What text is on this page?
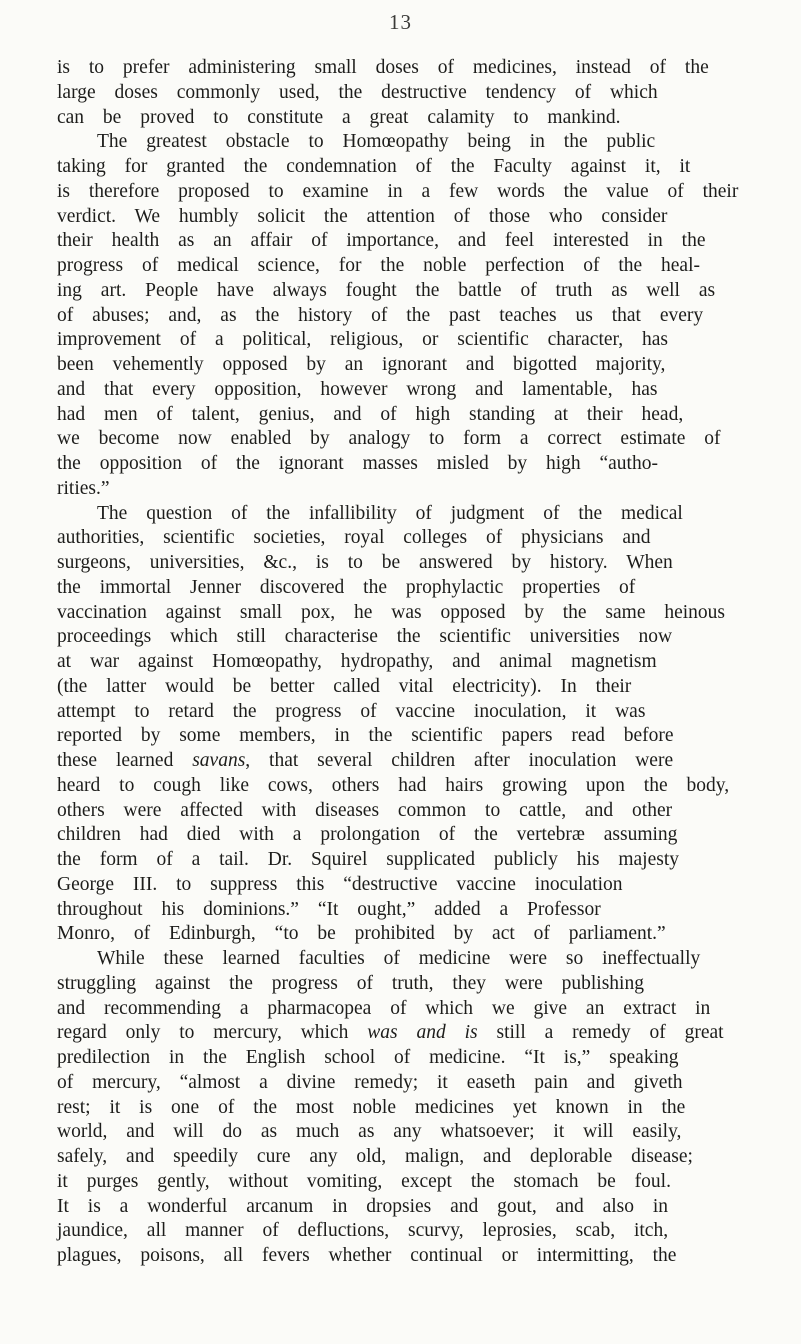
13
is to prefer administering small doses of medicines, instead of the
large doses commonly used, the destructive tendency of which
can be proved to constitute a great calamity to mankind.
The greatest obstacle to Homœopathy being in the public
taking for granted the condemnation of the Faculty against it, it
is therefore proposed to examine in a few words the value of their
verdict. We humbly solicit the attention of those who consider
their health as an affair of importance, and feel interested in the
progress of medical science, for the noble perfection of the heal-
ing art. People have always fought the battle of truth as well as
of abuses; and, as the history of the past teaches us that every
improvement of a political, religious, or scientific character, has
been vehemently opposed by an ignorant and bigotted majority,
and that every opposition, however wrong and lamentable, has
had men of talent, genius, and of high standing at their head,
we become now enabled by analogy to form a correct estimate of
the opposition of the ignorant masses misled by high “autho-
rities.”
The question of the infallibility of judgment of the medical
authorities, scientific societies, royal colleges of physicians and
surgeons, universities, &c., is to be answered by history. When
the immortal Jenner discovered the prophylactic properties of
vaccination against small pox, he was opposed by the same heinous
proceedings which still characterise the scientific universities now
at war against Homœopathy, hydropathy, and animal magnetism
(the latter would be better called vital electricity). In their
attempt to retard the progress of vaccine inoculation, it was
reported by some members, in the scientific papers read before
these learned savans, that several children after inoculation were
heard to cough like cows, others had hairs growing upon the body,
others were affected with diseases common to cattle, and other
children had died with a prolongation of the vertebræ assuming
the form of a tail. Dr. Squirel supplicated publicly his majesty
George III. to suppress this “destructive vaccine inoculation
throughout his dominions.” “It ought,” added a Professor
Monro, of Edinburgh, “to be prohibited by act of parliament.”
While these learned faculties of medicine were so ineffectually
struggling against the progress of truth, they were publishing
and recommending a pharmacopea of which we give an extract in
regard only to mercury, which was and is still a remedy of great
predilection in the English school of medicine. “It is,” speaking
of mercury, “almost a divine remedy; it easeth pain and giveth
rest; it is one of the most noble medicines yet known in the
world, and will do as much as any whatsoever; it will easily,
safely, and speedily cure any old, malign, and deplorable disease;
it purges gently, without vomiting, except the stomach be foul.
It is a wonderful arcanum in dropsies and gout, and also in
jaundice, all manner of defluctions, scurvy, leprosies, scab, itch,
plagues, poisons, all fevers whether continual or intermitting, the
